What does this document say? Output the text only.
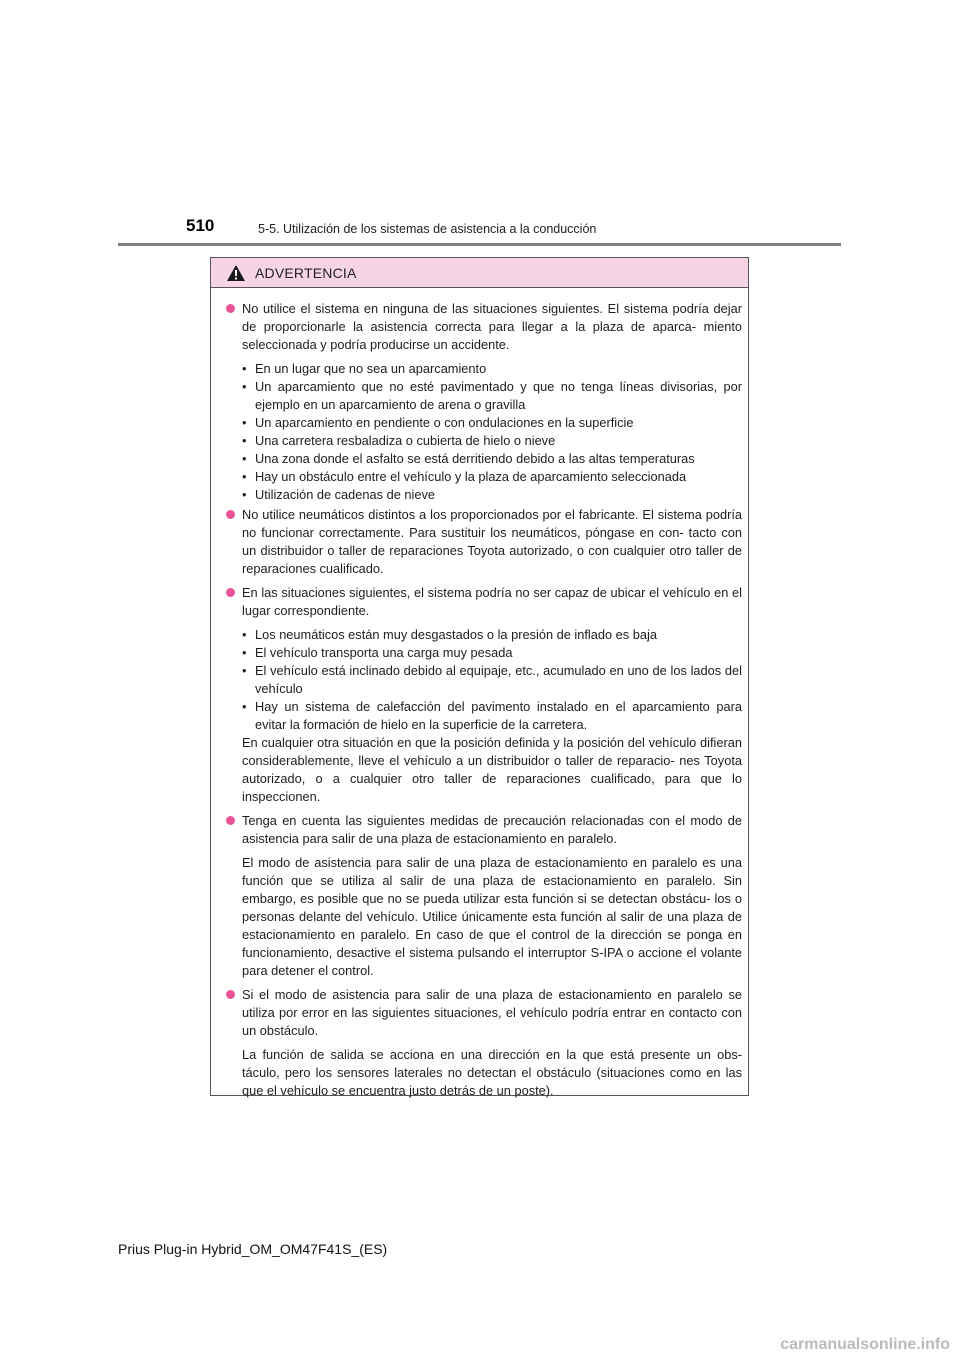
510	5-5. Utilización de los sistemas de asistencia a la conducción
ADVERTENCIA
No utilice el sistema en ninguna de las situaciones siguientes. El sistema podría dejar de proporcionarle la asistencia correcta para llegar a la plaza de aparca- miento seleccionada y podría producirse un accidente.
• En un lugar que no sea un aparcamiento
• Un aparcamiento que no esté pavimentado y que no tenga líneas divisorias, por ejemplo en un aparcamiento de arena o gravilla
• Un aparcamiento en pendiente o con ondulaciones en la superficie
• Una carretera resbaladiza o cubierta de hielo o nieve
• Una zona donde el asfalto se está derritiendo debido a las altas temperaturas
• Hay un obstáculo entre el vehículo y la plaza de aparcamiento seleccionada
• Utilización de cadenas de nieve
No utilice neumáticos distintos a los proporcionados por el fabricante. El sistema podría no funcionar correctamente. Para sustituir los neumáticos, póngase en con- tacto con un distribuidor o taller de reparaciones Toyota autorizado, o con cualquier otro taller de reparaciones cualificado.
En las situaciones siguientes, el sistema podría no ser capaz de ubicar el vehículo en el lugar correspondiente.
• Los neumáticos están muy desgastados o la presión de inflado es baja
• El vehículo transporta una carga muy pesada
• El vehículo está inclinado debido al equipaje, etc., acumulado en uno de los lados del vehículo
• Hay un sistema de calefacción del pavimento instalado en el aparcamiento para evitar la formación de hielo en la superficie de la carretera.

En cualquier otra situación en que la posición definida y la posición del vehículo difieran considerablemente, lleve el vehículo a un distribuidor o taller de reparacio- nes Toyota autorizado, o a cualquier otro taller de reparaciones cualificado, para que lo inspeccionen.

Tenga en cuenta las siguientes medidas de precaución relacionadas con el modo de asistencia para salir de una plaza de estacionamiento en paralelo.

El modo de asistencia para salir de una plaza de estacionamiento en paralelo es una función que se utiliza al salir de una plaza de estacionamiento en paralelo. Sin embargo, es posible que no se pueda utilizar esta función si se detectan obstácu- los o personas delante del vehículo. Utilice únicamente esta función al salir de una plaza de estacionamiento en paralelo. En caso de que el control de la dirección se ponga en funcionamiento, desactive el sistema pulsando el interruptor S-IPA o accione el volante para detener el control.

Si el modo de asistencia para salir de una plaza de estacionamiento en paralelo se utiliza por error en las siguientes situaciones, el vehículo podría entrar en contacto con un obstáculo.

La función de salida se acciona en una dirección en la que está presente un obs- táculo, pero los sensores laterales no detectan el obstáculo (situaciones como en las que el vehículo se encuentra justo detrás de un poste).

Prius Plug-in Hybrid_OM_OM47F41S_(ES)
carmanualsonline.info
